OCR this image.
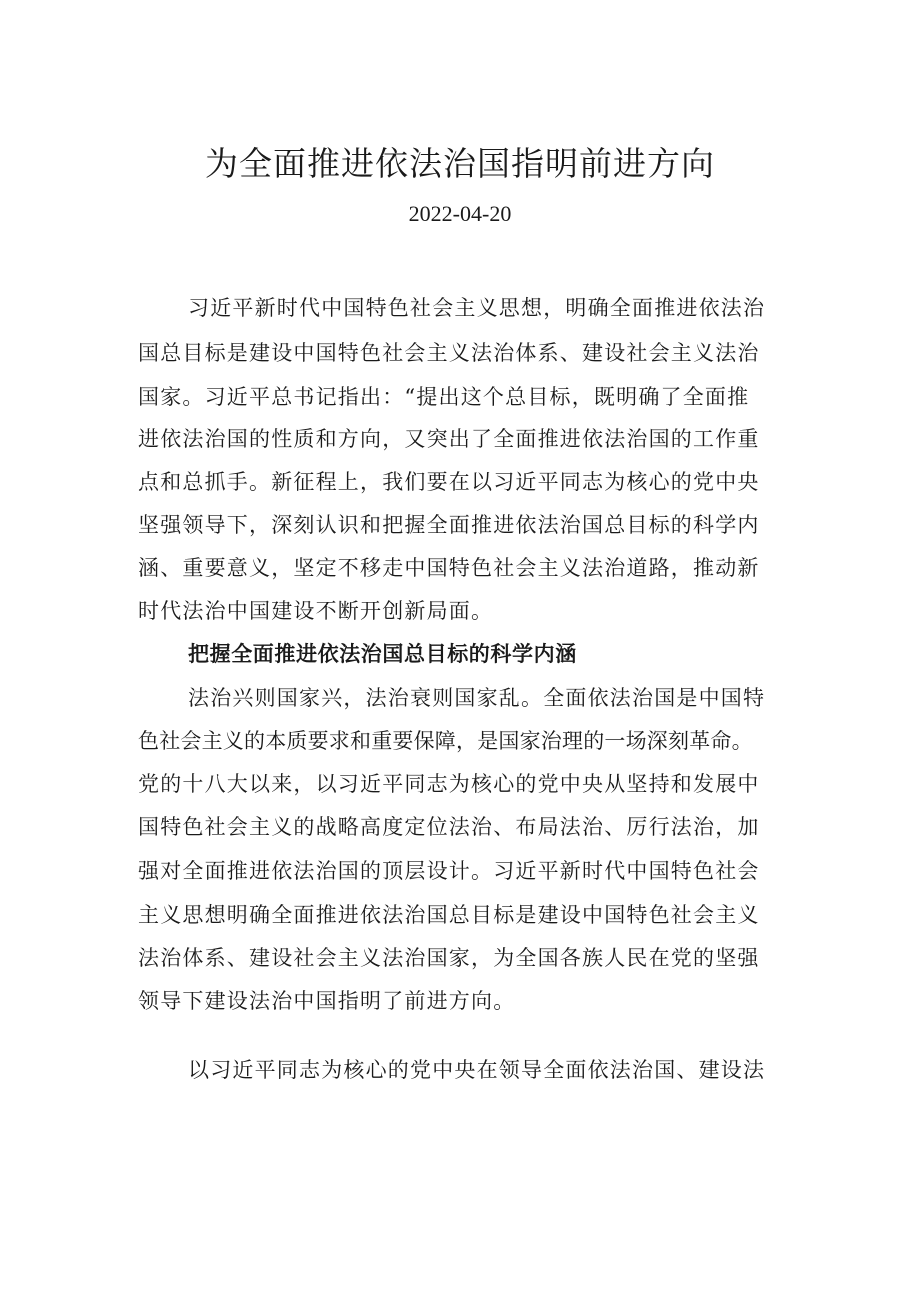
为全面推进依法治国指明前进方向
2022-04-20
习近平新时代中国特色社会主义思想，明确全面推进依法治
国总目标是建设中国特色社会主义法治体系、建设社会主义法治
国家。习近平总书记指出：“提出这个总目标，既明确了全面推
进依法治国的性质和方向，又突出了全面推进依法治国的工作重
点和总抓手。新征程上，我们要在以习近平同志为核心的党中央
坚强领导下，深刻认识和把握全面推进依法治国总目标的科学内
涵、重要意义，坚定不移走中国特色社会主义法治道路，推动新
时代法治中国建设不断开创新局面。
把握全面推进依法治国总目标的科学内涵
法治兴则国家兴，法治衰则国家乱。全面依法治国是中国特
色社会主义的本质要求和重要保障，是国家治理的一场深刻革命。
党的十八大以来，以习近平同志为核心的党中央从坚持和发展中
国特色社会主义的战略高度定位法治、布局法治、厉行法治，加
强对全面推进依法治国的顶层设计。习近平新时代中国特色社会
主义思想明确全面推进依法治国总目标是建设中国特色社会主义
法治体系、建设社会主义法治国家，为全国各族人民在党的坚强
领导下建设法治中国指明了前进方向。
以习近平同志为核心的党中央在领导全面依法治国、建设法
